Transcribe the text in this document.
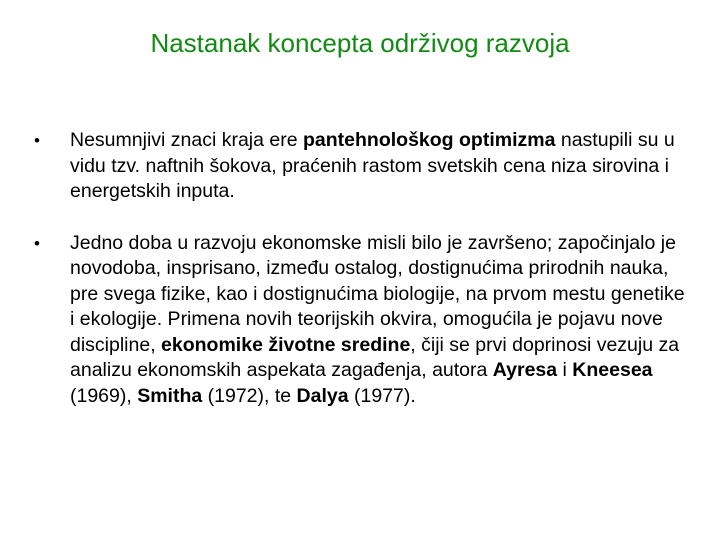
Nastanak koncepta održivog razvoja
• Nesumnjivi znaci kraja ere pantehnološkog optimizma nastupili su u vidu tzv. naftnih šokova, praćenih rastom svetskih cena niza sirovina i energetskih inputa.
• Jedno doba u razvoju ekonomske misli bilo je završeno; započinjalo je novodoba, insprisano, između ostalog, dostignućima prirodnih nauka, pre svega fizike, kao i dostignućima biologije, na prvom mestu genetike i ekologije. Primena novih teorijskih okvira, omogućila je pojavu nove discipline, ekonomike životne sredine, čiji se prvi doprinosi vezuju za analizu ekonomskih aspekata zagađenja, autora Ayresa i Kneesea (1969), Smitha (1972), te Dalya (1977).
